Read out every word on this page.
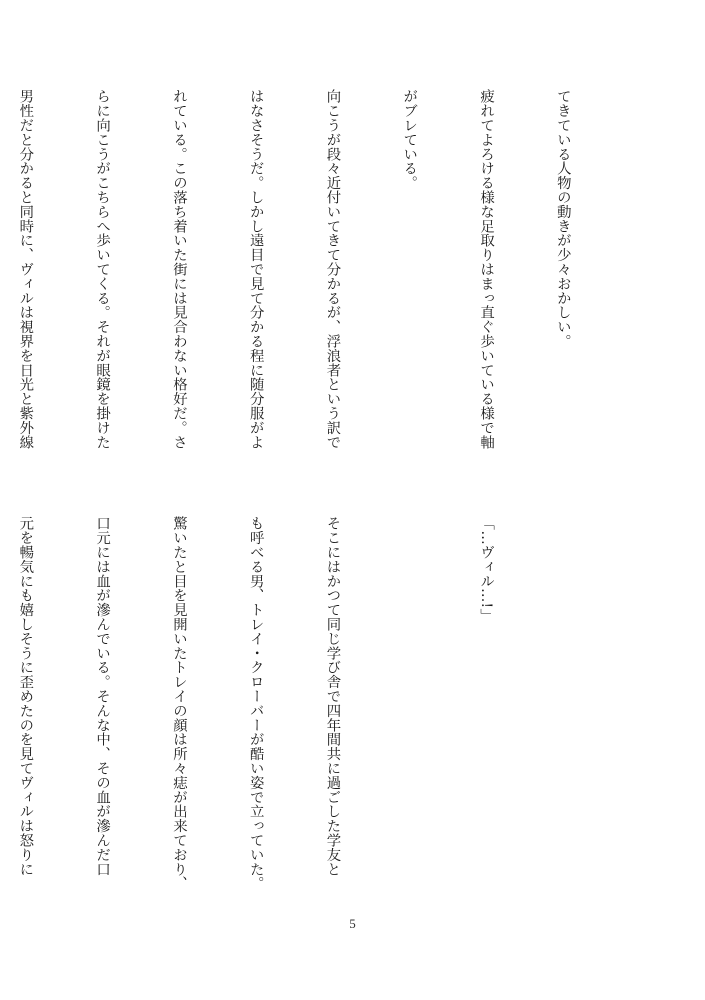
てきている人物の動きが少々おかしい。

疲れてよろける様な足取りはまっ直ぐ歩いている様で軸

がブレている。

向こうが段々近付いてきて分かるが、浮浪者という訳で

はなさそうだ。しかし遠目で見て分かる程に随分服がよ

れている。この落ち着いた街には見合わない格好だ。さ

らに向こうがこちらへ歩いてくる。それが眼鏡を掛けた

男性だと分かると同時に、ヴィルは視界を日光と紫外線

「…ヴィル…!」

そこにはかつて同じ学び舎で四年間共に過ごした学友と

も呼べる男、トレイ・クローバーが酷い姿で立っていた。

驚いたと目を見開いたトレイの顔は所々痣が出来ており、

口元には血が滲んでいる。そんな中、その血が滲んだ口

元を暢気にも嬉しそうに歪めたのを見てヴィルは怒りに

5
